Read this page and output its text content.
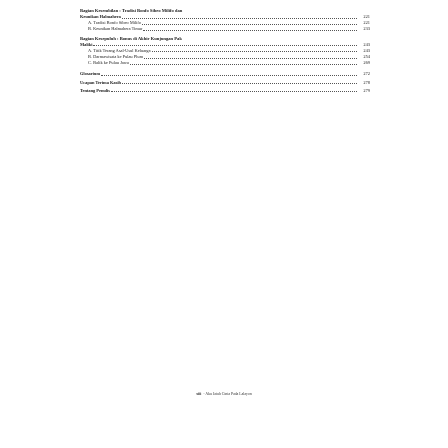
Bagian Kesembilan : Tradisi Bonfo Sibeo Milifo dan
Keunikan Halmahera	221
A. Tradisi Bonfo Sibeo Milifo	221
B. Keunikan Halmahera Timur	233
Bagian Kesepuluh : Bonus di Akhir Kunjungan Pak
Maliki	243
A. Titik Terang Asal-Usul Keluarga	243
B. Darmawisata ke Pulau Plum	254
C. Balik ke Pulau Jawa	269
Glosarium	272
Ucapan Terima Kasih	278
Tentang Penulis	279
xiii - Aku Jatuh Cinta Pada Lalayon
